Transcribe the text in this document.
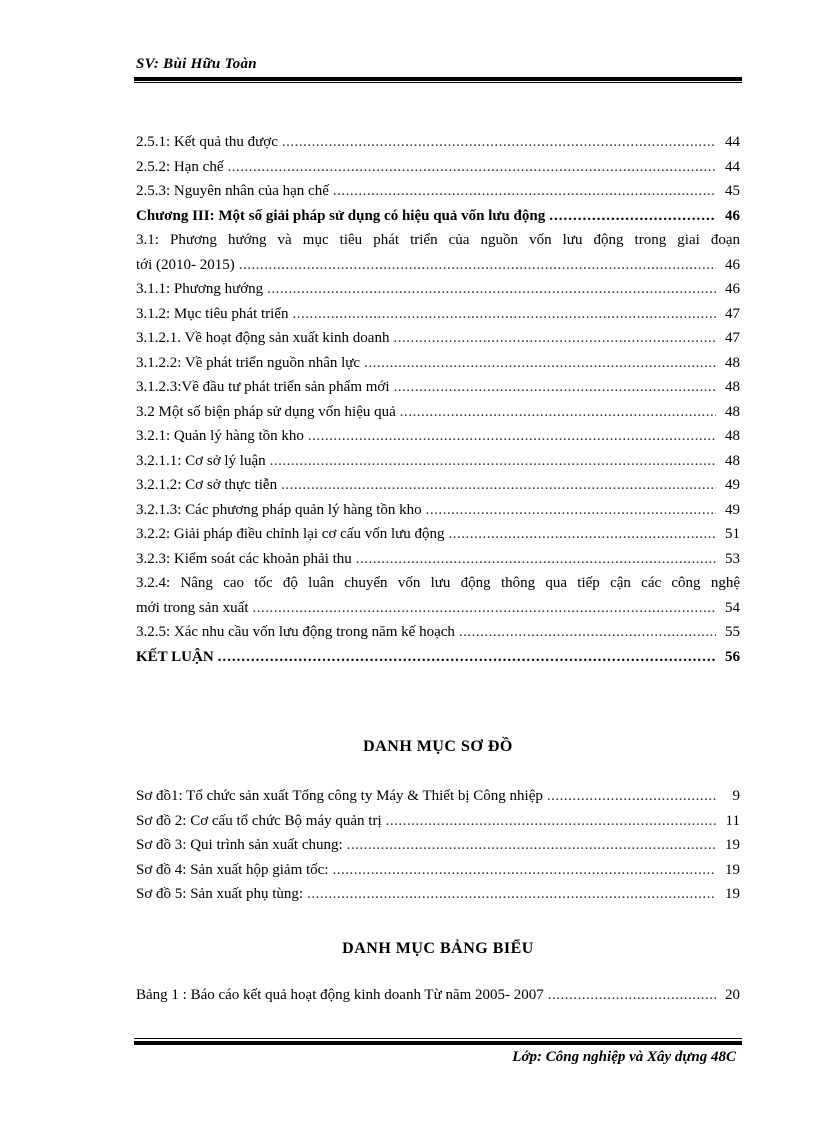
SV: Bùi Hữu Toàn
2.5.1: Kết quả thu được .....	44
2.5.2: Hạn chế .....	44
2.5.3: Nguyên nhân của hạn chế .....	45
Chương III: Một số giải pháp sử dụng có hiệu quả vốn lưu động .....	46
3.1: Phương hướng và mục tiêu phát triển của nguồn vốn lưu động trong giai đoạn
tới (2010- 2015) .....	46
3.1.1: Phương hướng .....	46
3.1.2: Mục tiêu phát triển .....	47
3.1.2.1. Về hoạt động sản xuất kinh doanh .....	47
3.1.2.2: Về phát triển nguồn nhân lực .....	48
3.1.2.3:Về đầu tư phát triển sản phẩm mới .....	48
3.2 Một số biện pháp sử dụng vốn hiệu quả .....	48
3.2.1: Quản lý hàng tồn kho .....	48
3.2.1.1: Cơ sở lý luận .....	48
3.2.1.2: Cơ sở thực tiễn .....	49
3.2.1.3: Các phương pháp quản lý hàng tồn kho .....	49
3.2.2: Giải pháp điều chỉnh lại cơ cấu vốn lưu động .....	51
3.2.3: Kiểm soát các khoản phải thu .....	53
3.2.4: Nâng cao tốc độ luân chuyển vốn lưu động thông qua tiếp cận các công nghệ
mới trong sản xuất .....	54
3.2.5: Xác nhu cầu vốn lưu động trong năm kế hoạch .....	55
KẾT LUẬN .....	56
DANH MỤC SƠ ĐỒ
Sơ đồ1: Tổ chức sản xuất Tổng công ty Máy & Thiết bị Công nhiệp .....	9
Sơ đồ 2: Cơ cấu tổ chức Bộ máy quản trị .....	11
Sơ đồ 3: Qui trình sản xuất chung: .....	19
Sơ đồ 4: Sản xuất hộp giảm tốc: .....	19
Sơ đồ 5: Sản xuất phụ tùng: .....	19
DANH MỤC BẢNG BIỂU
Bảng 1 : Báo cáo kết quả hoạt động kinh doanh Từ năm 2005- 2007 .....	20
Lớp: Công nghiệp và Xây dựng 48C
